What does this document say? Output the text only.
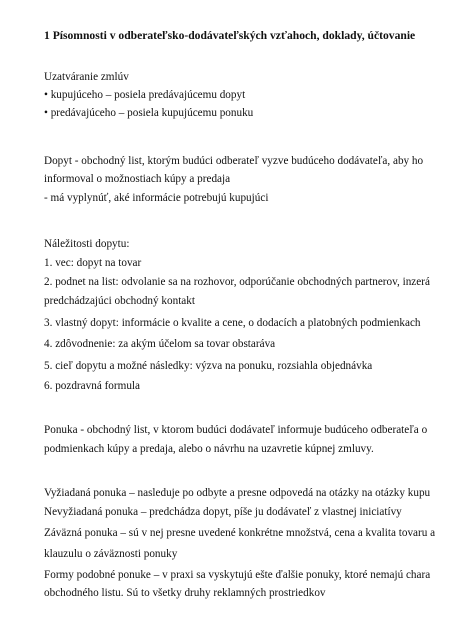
1 Písomnosti v odberateľsko-dodávateľských vzťahoch, doklady, účtovanie
Uzatváranie zmlúv
• kupujúceho – posiela predávajúcemu dopyt
• predávajúceho – posiela kupujúcemu ponuku
Dopyt - obchodný list, ktorým budúci odberateľ vyzve budúceho dodávateľa, aby ho
informoval o možnostiach kúpy a predaja
- má vyplynúť, aké informácie potrebujú kupujúci
Náležitosti dopytu:
1. vec: dopyt na tovar
2. podnet na list: odvolanie sa na rozhovor, odporúčanie obchodných partnerov, inzerá
predchádzajúci obchodný kontakt
3. vlastný dopyt: informácie o kvalite a cene, o dodacích a platobných podmienkach
4. zdôvodnenie: za akým účelom sa tovar obstaráva
5. cieľ dopytu a možné následky: výzva na ponuku, rozsiahla objednávka
6. pozdravná formula
Ponuka - obchodný list, v ktorom budúci dodávateľ informuje budúceho odberateľa o
podmienkach kúpy a predaja, alebo o návrhu na uzavretie kúpnej zmluvy.
Vyžiadaná ponuka – nasleduje po odbyte a presne odpovedá na otázky na otázky kupu
Nevyžiadaná ponuka – predchádza dopyt, píše ju dodávateľ z vlastnej iniciatívy
Záväzná ponuka – sú v nej presne uvedené konkrétne množstvá, cena a kvalita tovaru a
klauzulu o záväznosti ponuky
Formy podobné ponuke – v praxi sa vyskytujú ešte ďalšie ponuky, ktoré nemajú chara
obchodného listu. Sú to všetky druhy reklamných prostriedkov
